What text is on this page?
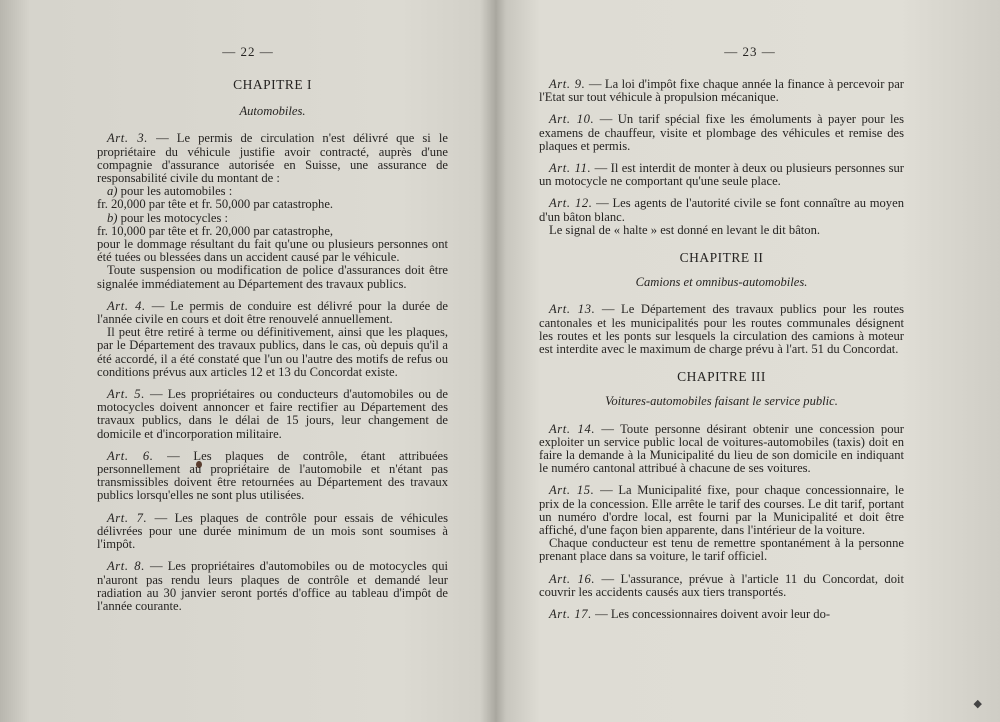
— 22 —
CHAPITRE I
Automobiles.
Art. 3. — Le permis de circulation n'est délivré que si le propriétaire du véhicule justifie avoir contracté, auprès d'une compagnie d'assurance autorisée en Suisse, une assurance de responsabilité civile du montant de :

a) pour les automobiles :

fr. 20,000 par tête et fr. 50,000 par catastrophe.

b) pour les motocycles :

fr. 10,000 par tête et fr. 20,000 par catastrophe,

pour le dommage résultant du fait qu'une ou plusieurs personnes ont été tuées ou blessées dans un accident causé par le véhicule.

Toute suspension ou modification de police d'assurances doit être signalée immédiatement au Département des travaux publics.

Art. 4. — Le permis de conduire est délivré pour la durée de l'année civile en cours et doit être renouvelé annuellement.

Il peut être retiré à terme ou définitivement, ainsi que les plaques, par le Département des travaux publics, dans le cas, où depuis qu'il a été accordé, il a été constaté que l'un ou l'autre des motifs de refus ou conditions prévus aux articles 12 et 13 du Concordat existe.

Art. 5. — Les propriétaires ou conducteurs d'automobiles ou de motocycles doivent annoncer et faire rectifier au Département des travaux publics, dans le délai de 15 jours, leur changement de domicile et d'incorporation militaire.
Art. 6. — Les plaques de contrôle, étant attribuées personnellement au propriétaire de l'automobile et n'étant pas transmissibles doivent être retournées au Département des travaux publics lorsqu'elles ne sont plus utilisées.
Art. 7. — Les plaques de contrôle pour essais de véhicules délivrées pour une durée minimum de un mois sont soumises à l'impôt.
Art. 8. — Les propriétaires d'automobiles ou de motocycles qui n'auront pas rendu leurs plaques de contrôle et demandé leur radiation au 30 janvier seront portés d'office au tableau d'impôt de l'année courante.
— 23 —
Art. 9. — La loi d'impôt fixe chaque année la finance à percevoir par l'Etat sur tout véhicule à propulsion mécanique.
Art. 10. — Un tarif spécial fixe les émoluments à payer pour les examens de chauffeur, visite et plombage des véhicules et remise des plaques et permis.
Art. 11. — Il est interdit de monter à deux ou plusieurs personnes sur un motocycle ne comportant qu'une seule place.
Art. 12. — Les agents de l'autorité civile se font connaître au moyen d'un bâton blanc.

Le signal de « halte » est donné en levant le dit bâton.

CHAPITRE II
Camions et omnibus-automobiles.
Art. 13. — Le Département des travaux publics pour les routes cantonales et les municipalités pour les routes communales désignent les routes et les ponts sur lesquels la circulation des camions à moteur est interdite avec le maximum de charge prévu à l'art. 51 du Concordat.
CHAPITRE III
Voitures-automobiles faisant le service public.
Art. 14. — Toute personne désirant obtenir une concession pour exploiter un service public local de voitures-automobiles (taxis) doit en faire la demande à la Municipalité du lieu de son domicile en indiquant le numéro cantonal attribué à chacune de ses voitures.
Art. 15. — La Municipalité fixe, pour chaque concessionnaire, le prix de la concession. Elle arrête le tarif des courses. Le dit tarif, portant un numéro d'ordre local, est fourni par la Municipalité et doit être affiché, d'une façon bien apparente, dans l'intérieur de la voiture.

Chaque conducteur est tenu de remettre spontanément à la personne prenant place dans sa voiture, le tarif officiel.

Art. 16. — L'assurance, prévue à l'article 11 du Concordat, doit couvrir les accidents causés aux tiers transportés.
Art. 17. — Les concessionnaires doivent avoir leur do-
◆
